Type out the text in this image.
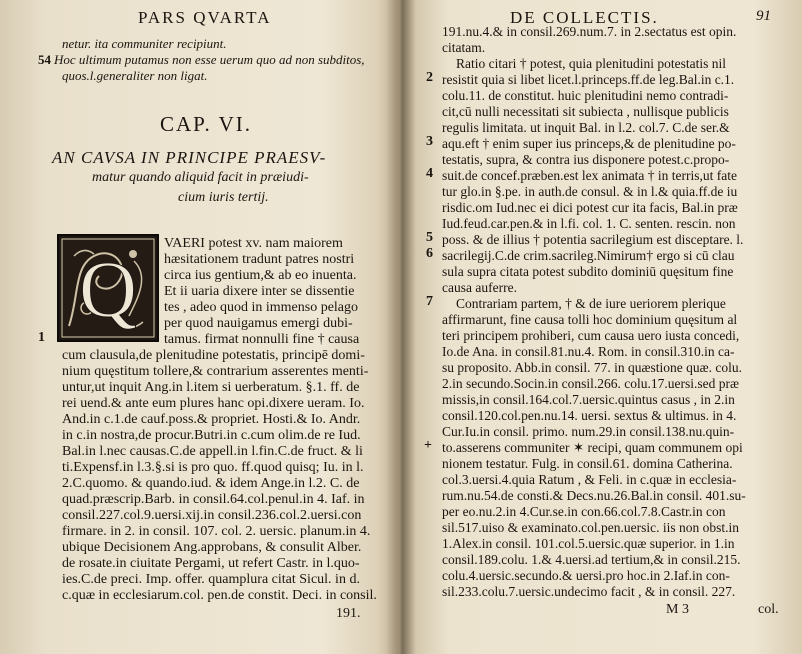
PARS QVARTA
netur. ita communiter recipiunt.
54 Hoc ultimum putamus non esse uerum quo ad non subditos,
quos.l.generaliter non ligat.
CAP. VI.
AN CAVSA IN PRINCIPE PRAESV-
matur quando aliquid facit in præiudi-
cium iuris tertij.
Q
VAERI potest xv. nam maiorem
hæsitationem tradunt patres nostri
circa ius gentium,& ab eo inuenta.
Et ii uaria dixere inter se dissentie
tes , adeo quod in immenso pelago
per quod nauigamus emergi dubi-
tamus. firmat nonnulli fine † causa
1
cum clausula,de plenitudine potestatis, principē domi-
nium quęstitum tollere,& contrarium asserentes menti-
untur,ut inquit Ang.in l.item si uerberatum. §.1. ff. de
rei uend.& ante eum plures hanc opi.dixere ueram. Io.
And.in c.1.de cauf.poss.& propriet. Hosti.& Io. Andr.
in c.in nostra,de procur.Butri.in c.cum olim.de re Iud.
Bal.in l.nec causas.C.de appell.in l.fin.C.de fruct. & li
ti.Expensf.in l.3.§.si is pro quo. ff.quod quisq; Iu. in l.
2.C.quomo. & quando.iud. & idem Ange.in l.2. C. de
quad.præscrip.Barb. in consil.64.col.penul.in 4. Iaf. in
consil.227.col.9.uersi.xij.in consil.236.col.2.uersi.con
firmare. in 2. in consil. 107. col. 2. uersic. planum.in 4.
ubique Decisionem Ang.approbans, & consulit Alber.
de rosate.in ciuitate Pergami, ut refert Castr. in l.quo-
ies.C.de preci. Imp. offer. quamplura citat Sicul. in d.
c.quæ in ecclesiarum.col. pen.de constit. Deci. in consil.
191.
DE COLLECTIS.	91
191.nu.4.& in consil.269.num.7. in 2.sectatus est opin.
citatam.
Ratio citari † potest, quia plenitudini potestatis nil
resistit quia si libet licet.l.princeps.ff.de leg.Bal.in c.1.
colu.11. de constitut. huic plenitudini nemo contradi-
cit,cū nulli necessitati sit subiecta , nullisque publicis
regulis limitata. ut inquit Bal. in l.2. col.7. C.de ser.&
aqu.eft † enim super ius princeps,& de plenitudine po-
testatis, supra, & contra ius disponere potest.c.propo-
suit.de concef.præben.est lex animata † in terris,ut fate
tur glo.in §.pe. in auth.de consul. & in l.& quia.ff.de iu
risdic.om Iud.nec ei dici potest cur ita facis, Bal.in præ
Iud.feud.car.pen.& in l.fi. col. 1. C. senten. rescin. non
poss. & de illius † potentia sacrilegium est disceptare. l.
sacrilegij.C.de crim.sacrileg.Nimirum† ergo si cū clau
sula supra citata potest subdito dominiū quęsitum fine
causa auferre.
Contrariam partem, † & de iure ueriorem plerique
affirmarunt, fine causa tolli hoc dominium quęsitum al
teri principem prohiberi, cum causa uero iusta concedi,
Io.de Ana. in consil.81.nu.4. Rom. in consil.310.in ca-
su proposito. Abb.in consil. 77. in quæstione quæ. colu.
2.in secundo.Socin.in consil.266. colu.17.uersi.sed præ
missis,in consil.164.col.7.uersic.quintus casus , in 2.in
consil.120.col.pen.nu.14. uersi. sextus & ultimus. in 4.
Cur.Iu.in consil. primo. num.29.in consil.138.nu.quin-
to.asserens communiter ✶ recipi, quam communem opi
nionem testatur. Fulg. in consil.61. domina Catherina.
col.3.uersi.4.quia Ratum , & Feli. in c.quæ in ecclesia-
rum.nu.54.de consti.& Decs.nu.26.Bal.in consil. 401.su-
per eo.nu.2.in 4.Cur.se.in con.66.col.7.8.Castr.in con
sil.517.uiso & examinato.col.pen.uersic. iis non obst.in
1.Alex.in consil. 101.col.5.uersic.quæ superior. in 1.in
consil.189.colu. 1.& 4.uersi.ad tertium,& in consil.215.
colu.4.uersic.secundo.& uersi.pro hoc.in 2.Iaf.in con-
sil.233.colu.7.uersic.undecimo facit , & in consil. 227.
2
3
4
5
6
7
+
M 3	col.
